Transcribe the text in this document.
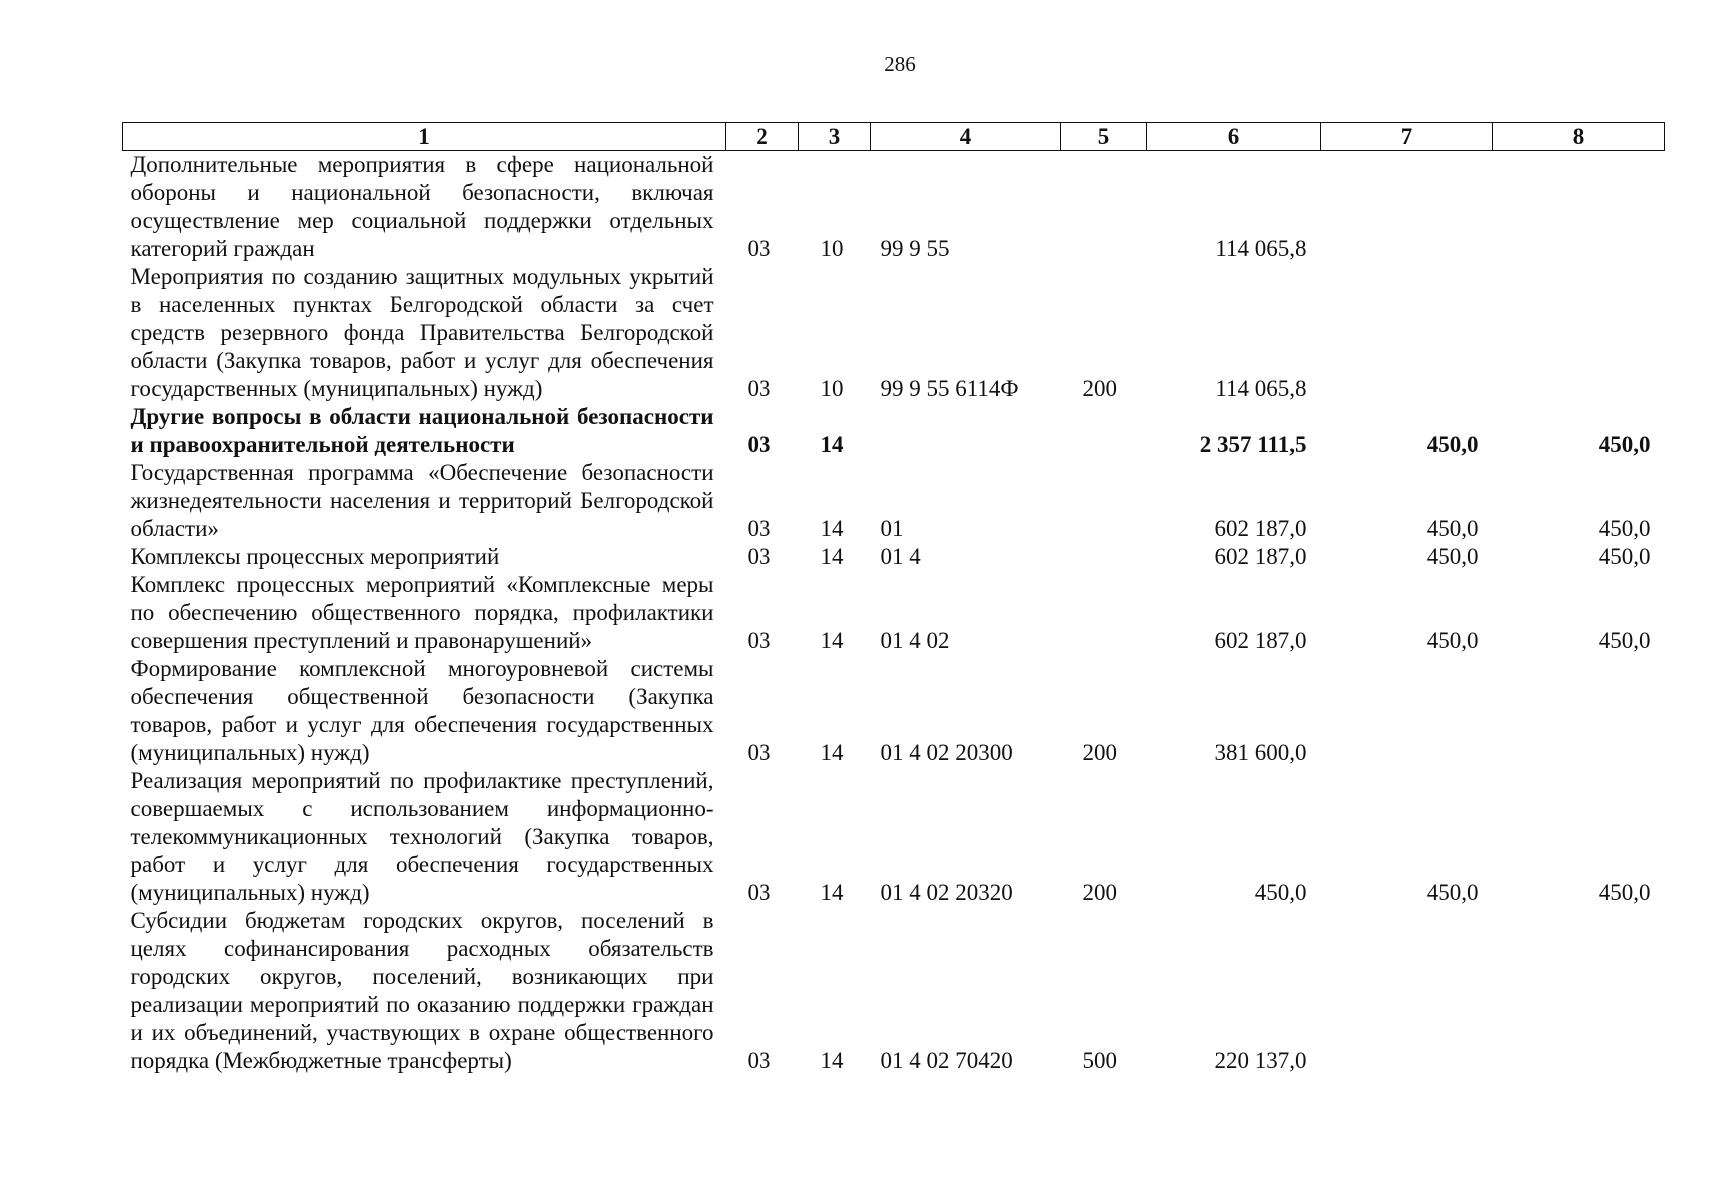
286
1	2	3	4	5	6	7	8
Дополнительные мероприятия в сфере национальной обороны и национальной безопасности, включая осуществление мер социальной поддержки отдельных категорий граждан	03	10	99 9 55		114 065,8		
Мероприятия по созданию защитных модульных укрытий в населенных пунктах Белгородской области за счет средств резервного фонда Правительства Белгородской области (Закупка товаров, работ и услуг для обеспечения государственных (муниципальных) нужд)	03	10	99 9 55 6114Ф	200	114 065,8		
Другие вопросы в области национальной безопасности и правоохранительной деятельности	03	14			2 357 111,5	450,0	450,0
Государственная программа «Обеспечение безопасности жизнедеятельности населения и территорий Белгородской области»	03	14	01		602 187,0	450,0	450,0
Комплексы процессных мероприятий	03	14	01 4		602 187,0	450,0	450,0
Комплекс процессных мероприятий «Комплексные меры по обеспечению общественного порядка, профилактики совершения преступлений и правонарушений»	03	14	01 4 02		602 187,0	450,0	450,0
Формирование комплексной многоуровневой системы обеспечения общественной безопасности (Закупка товаров, работ и услуг для обеспечения государственных (муниципальных) нужд)	03	14	01 4 02 20300	200	381 600,0		
Реализация мероприятий по профилактике преступлений, совершаемых с использованием информационно-телекоммуникационных технологий (Закупка товаров, работ и услуг для обеспечения государственных (муниципальных) нужд)	03	14	01 4 02 20320	200	450,0	450,0	450,0
Субсидии бюджетам городских округов, поселений в целях софинансирования расходных обязательств городских округов, поселений, возникающих при реализации мероприятий по оказанию поддержки граждан и их объединений, участвующих в охране общественного порядка (Межбюджетные трансферты)	03	14	01 4 02 70420	500	220 137,0		
